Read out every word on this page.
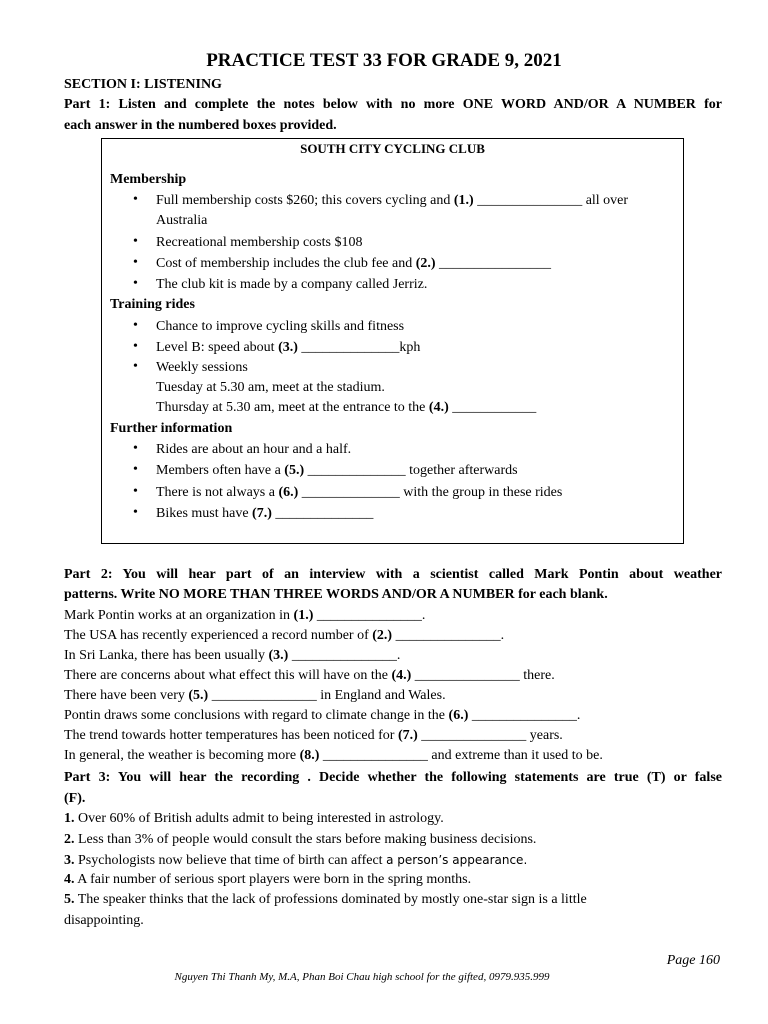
PRACTICE TEST 33 FOR GRADE 9, 2021
SECTION I: LISTENING
Part 1: Listen and complete the notes below with no more ONE WORD AND/OR A NUMBER for
each answer in the numbered boxes provided.
SOUTH CITY CYCLING CLUB
Membership
• Full membership costs $260; this covers cycling and (1.) _______________ all over
Australia
• Recreational membership costs $108
• Cost of membership includes the club fee and (2.) ________________
• The club kit is made by a company called Jerriz.
Training rides
• Chance to improve cycling skills and fitness
• Level B: speed about (3.) ______________kph
• Weekly sessions
Tuesday at 5.30 am, meet at the stadium.
Thursday at 5.30 am, meet at the entrance to the (4.) ____________
Further information
• Rides are about an hour and a half.
• Members often have a (5.) ______________ together afterwards
• There is not always a (6.) ______________ with the group in these rides
• Bikes must have (7.) ______________
Part 2: You will hear part of an interview with a scientist called Mark Pontin about weather
patterns. Write NO MORE THAN THREE WORDS AND/OR A NUMBER for each blank.
Mark Pontin works at an organization in (1.) _______________.
The USA has recently experienced a record number of (2.) _______________.
In Sri Lanka, there has been usually (3.) _______________.
There are concerns about what effect this will have on the (4.) _______________ there.
There have been very (5.) _______________ in England and Wales.
Pontin draws some conclusions with regard to climate change in the (6.) _______________.
The trend towards hotter temperatures has been noticed for (7.) _______________ years.
In general, the weather is becoming more (8.) _______________ and extreme than it used to be.
Part 3: You will hear the recording . Decide whether the following statements are true (T) or false
(F).
1. Over 60% of British adults admit to being interested in astrology.
2. Less than 3% of people would consult the stars before making business decisions.
3. Psychologists now believe that time of birth can affect a person’s appearance.
4. A fair number of serious sport players were born in the spring months.
5. The speaker thinks that the lack of professions dominated by mostly one-star sign is a little
disappointing.
Page 160
Nguyen Thi Thanh My, M.A, Phan Boi Chau high school for the gifted, 0979.935.999
